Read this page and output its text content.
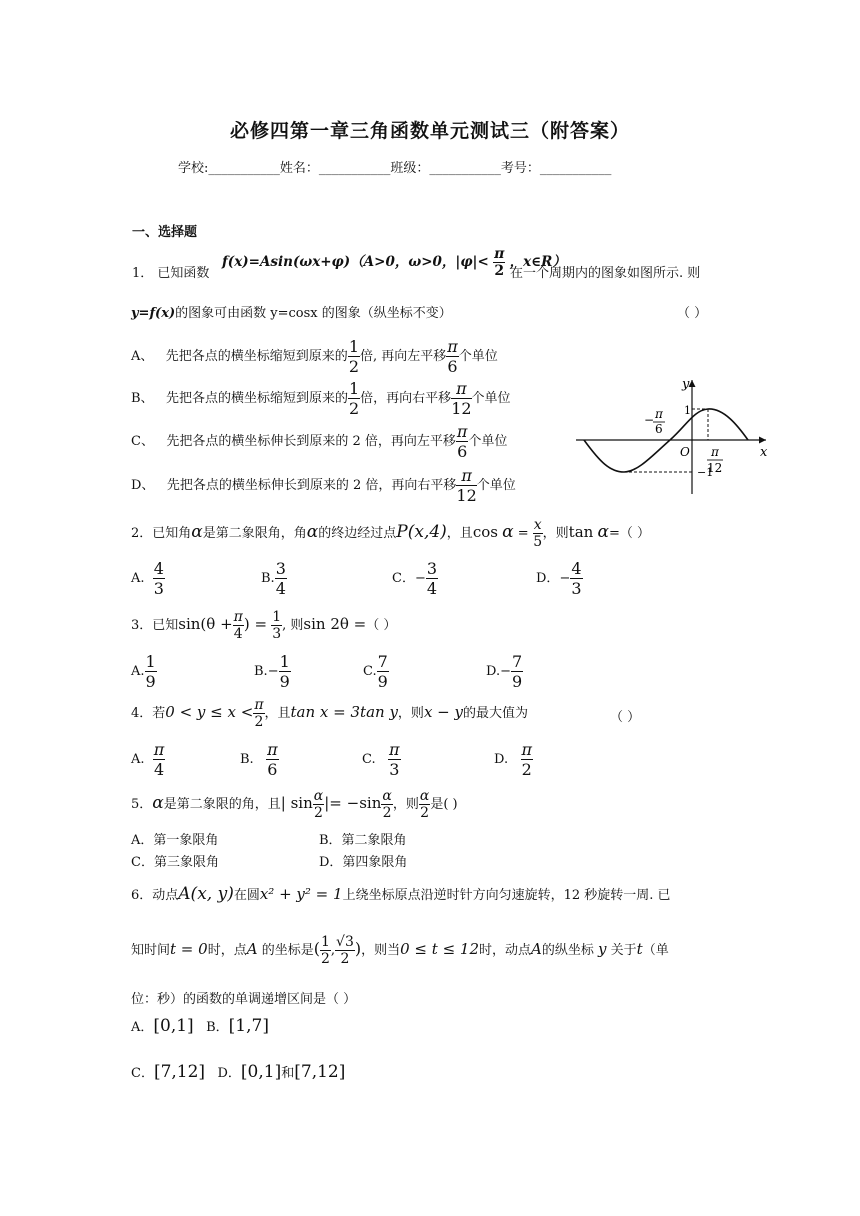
必修四第一章三角函数单元测试三（附答案）
学校:___________姓名：___________班级：___________考号：___________
一、选择题
1． 已知函数
f(x)=Asin(ωx+φ)（A>0，ω>0，$|\varphi|< \frac{\pi}{2}$ ，x∈R）
在一个周期内的图象如图所示. 则
y=f(x)的图象可由函数 y=cosx 的图象（纵坐标不变）	（ ）
A、 先把各点的横坐标缩短到原来的 $\frac{1}{2}$ 倍, 再向左平移 $\frac{\pi}{6}$ 个单位
B、 先把各点的横坐标缩短到原来的 $\frac{1}{2}$ 倍，再向右平移 $\frac{\pi}{12}$ 个单位
C、 先把各点的横坐标伸长到原来的 2 倍，再向左平移 $\frac{\pi}{6}$ 个单位
D、 先把各点的横坐标伸长到原来的 2 倍，再向右平移 $\frac{\pi}{12}$ 个单位
y
x
O
1
−1
− π
6
π
12
2．已知角α是第二象限角，角α的终边经过点P(x,4)，且$\cos \alpha = \frac{x}{5}$ ，则tan α=（ ）
A. $\frac{4}{3}$	B. $\frac{3}{4}$	C．− $\frac{3}{4}$	D．− $\frac{4}{3}$
3．已知$\sin(\theta + \frac{\pi}{4}$ ) = $\frac{1}{3}$ , 则sin 2θ =（ ）
A. $\frac{1}{9}$	$B.- \frac{1}{9}$	C. $\frac{7}{9}$	$D.- \frac{7}{9}$
4．若$0 < y \le x < \frac{\pi}{2}$ ，且tan x = 3tan y，则x − y的最大值为	（ ）
A. $\frac{\pi}{4}$	B. $\frac{\pi}{6}$	C. $\frac{\pi}{3}$	D. $\frac{\pi}{2}$
5．α是第二象限的角，且| $\sin \frac{\alpha}{2}$ |= $-\sin \frac{\alpha}{2}$ ，则 $\frac{\alpha}{2}$ 是( )
A．第一象限角	B．第二象限角
C．第三象限角	D．第四象限角
6．动点A(x, y)在圆x² + y² = 1上绕坐标原点沿逆时针方向匀速旋转，12 秒旋转一周. 已
知时间t = 0时，点A 的坐标是( $\frac{1}{2}$ , $\frac{√3}{2}$ )，则当0 ≤ t ≤ 12时，动点A的纵坐标 y 关于t（单
位：秒）的函数的单调递增区间是（ ）
A．[0,1] B．[1,7]
C．[7,12] D．[0,1]和[7,12]
